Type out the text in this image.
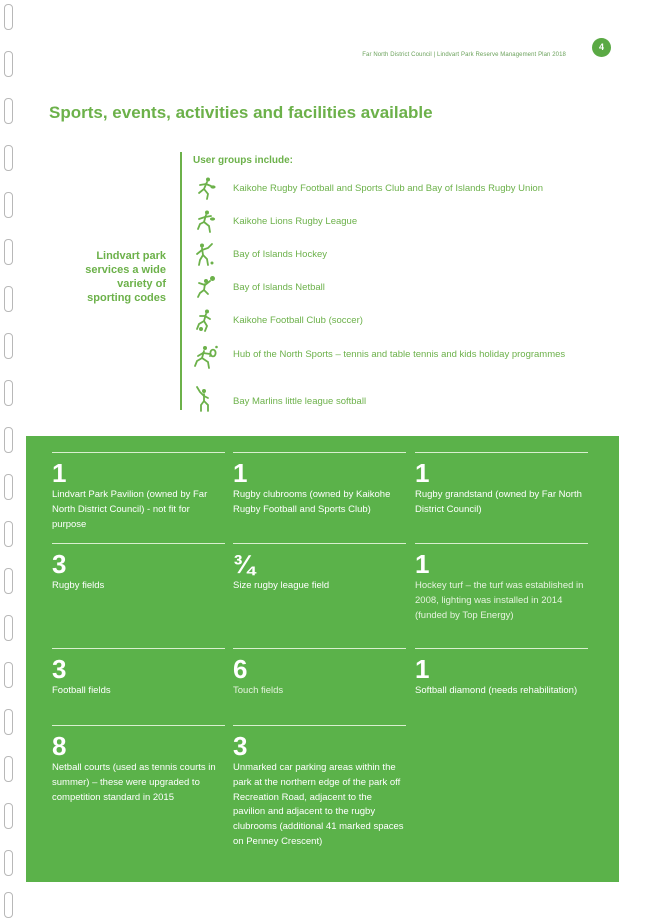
Far North District Council | Lindvart Park Reserve Management Plan 2018
4
Sports, events, activities and facilities available
Lindvart park
services a wide
variety of
sporting codes
User groups include:
Kaikohe Rugby Football and Sports Club and Bay of Islands Rugby Union
Kaikohe Lions Rugby League
Bay of Islands Hockey
Bay of Islands Netball
Kaikohe Football Club (soccer)
Hub of the North Sports – tennis and table tennis and kids holiday programmes
Bay Marlins little league softball
1
Lindvart Park Pavilion (owned by Far North District Council) - not fit for purpose
1
Rugby clubrooms (owned by Kaikohe Rugby Football and Sports Club)
1
Rugby grandstand (owned by Far North District Council)
3
Rugby fields
¾
Size rugby league field
1
Hockey turf – the turf was established in 2008, lighting was installed in 2014 (funded by Top Energy)
3
Football fields
6
Touch fields
1
Softball diamond (needs rehabilitation)
8
Netball courts (used as tennis courts in summer) – these were upgraded to competition standard in 2015
3
Unmarked car parking areas within the park at the northern edge of the park off Recreation Road, adjacent to the pavilion and adjacent to the rugby clubrooms (additional 41 marked spaces on Penney Crescent)
